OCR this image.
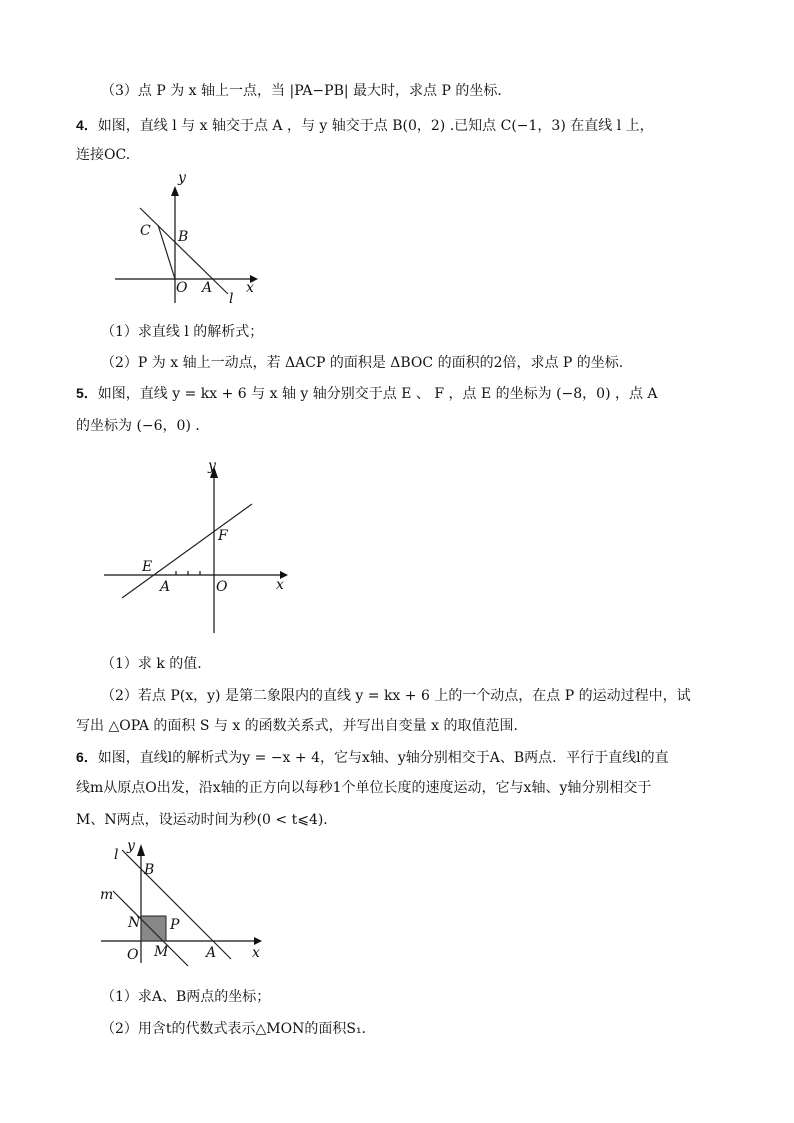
（3）点 P 为 x 轴上一点，当 |PA−PB| 最大时，求点 P 的坐标．
4．如图，直线 l 与 x 轴交于点 A ，与 y 轴交于点 B(0，2) .已知点 C(−1，3) 在直线 l 上，
连接OC.
y
x
C B
O A
l
（1）求直线 l 的解析式；
（2）P 为 x 轴上一动点，若 ΔACP 的面积是 ΔBOC 的面积的2倍，求点 P 的坐标.
5．如图，直线 y = kx + 6 与 x 轴 y 轴分别交于点 E 、 F ，点 E 的坐标为 (−8，0) ，点 A
的坐标为 (−6，0) ．
y
x
E
F
A	O
（1）求 k 的值．
（2）若点 P(x，y) 是第二象限内的直线 y = kx + 6 上的一个动点，在点 P 的运动过程中，试
写出 △OPA 的面积 S 与 x 的函数关系式，并写出自变量 x 的取值范围．
6．如图，直线l的解析式为y = −x + 4，它与x轴、y轴分别相交于A、B两点．平行于直线l的直
线m从原点O出发，沿x轴的正方向以每秒1个单位长度的速度运动，它与x轴、y轴分别相交于
M、N两点，设运动时间为秒(0 < t⩽4)．
l
y
B
m
N P
O M	A	x
（1）求A、B两点的坐标；
（2）用含t的代数式表示△MON的面积S₁．
